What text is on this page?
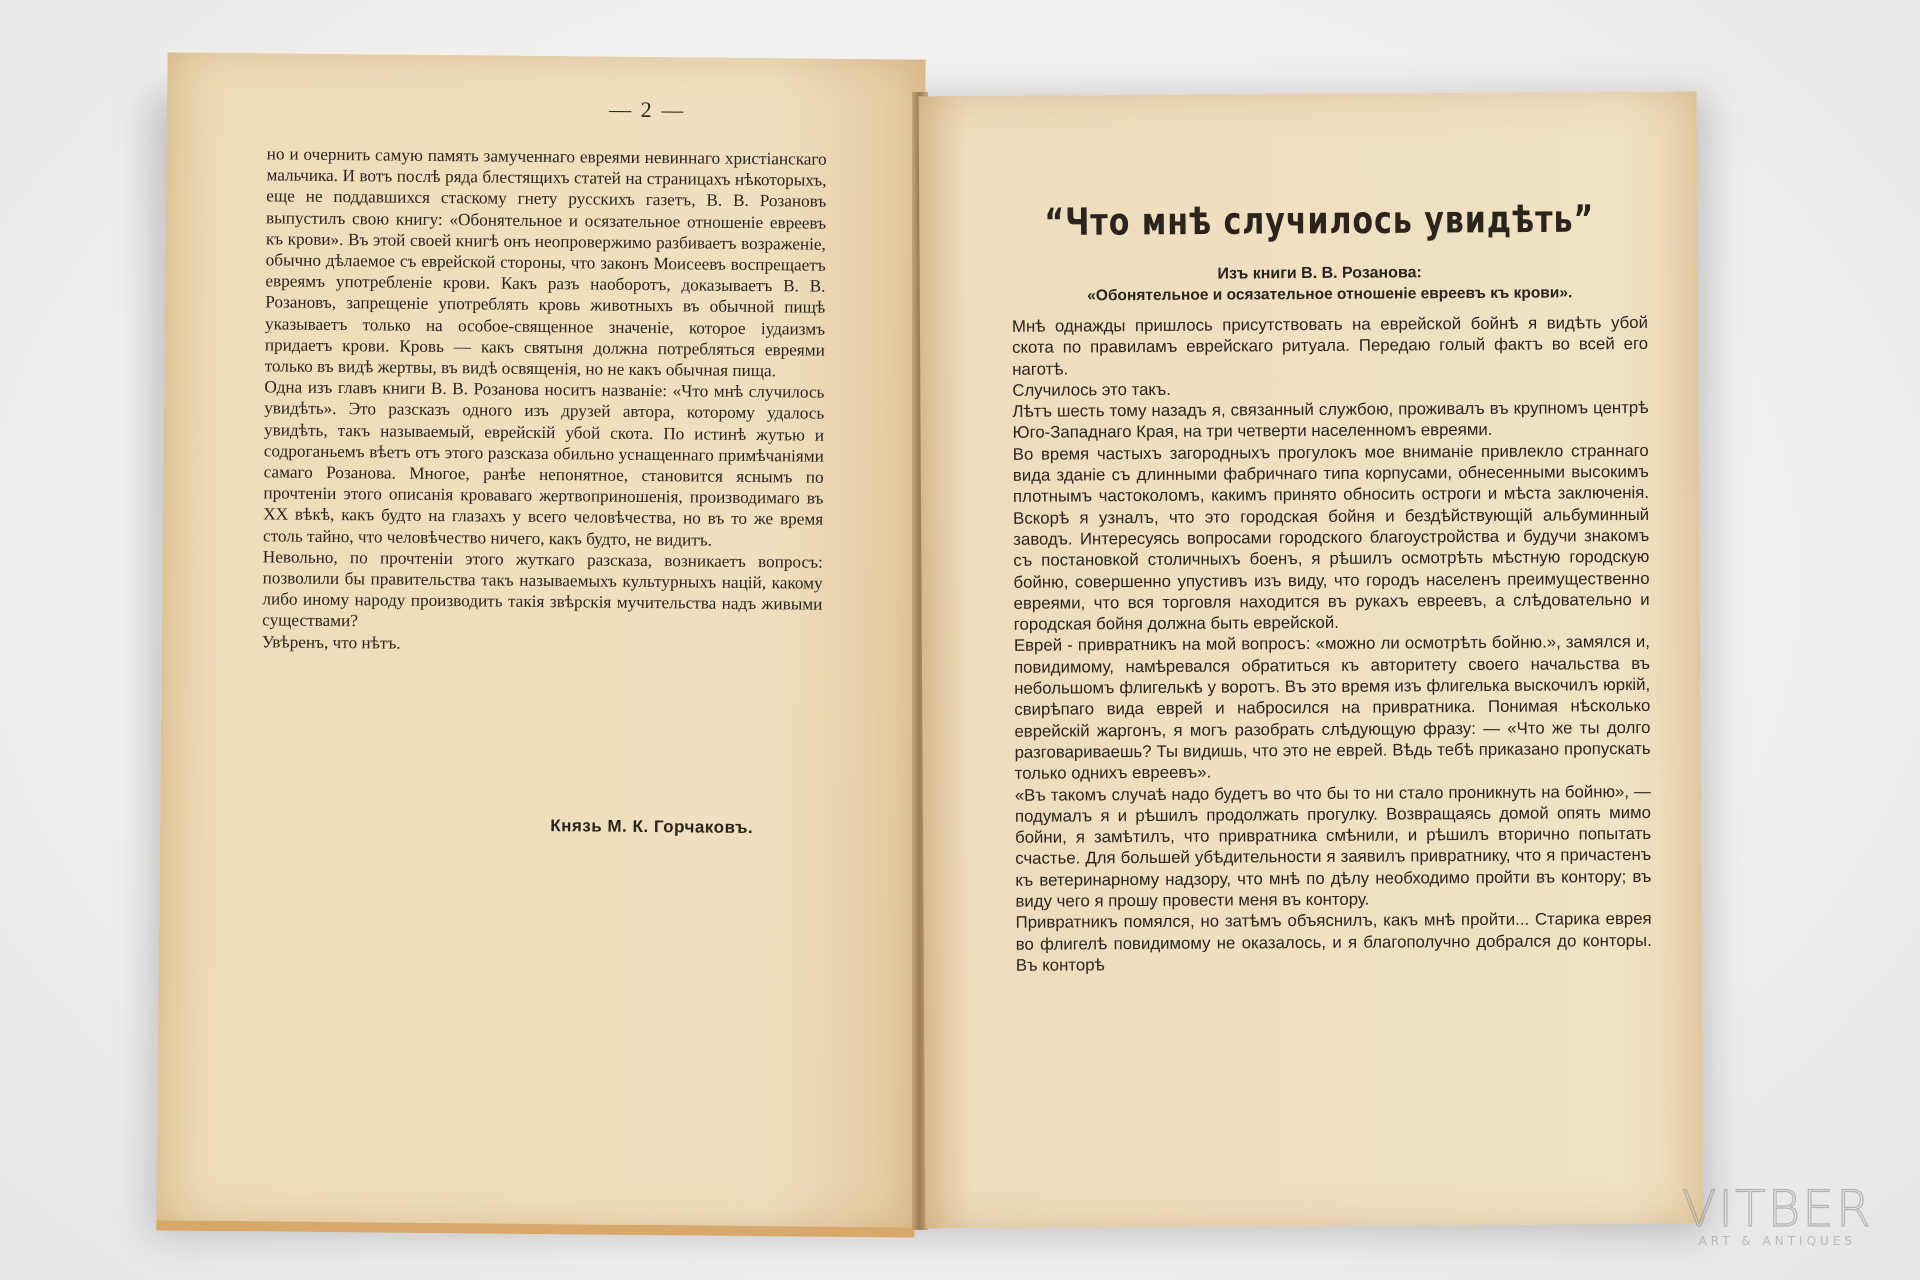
— 2 —
но и очернить самую память замученнаго евреями невиннаго христiанскаго мальчика. И вотъ послѣ ряда блестящихъ статей на страницахъ нѣкоторыхъ, еще не поддавшихся стаскому гнету русскихъ газетъ, В. В. Розановъ выпустилъ свою книгу: «Обонятельное и осязательное отношенiе евреевъ къ крови». Въ этой своей книгѣ онъ неопровержимо разбиваетъ возраженiе, обычно дѣлаемое съ еврейской стороны, что законъ Моисеевъ воспрещаетъ евреямъ употребленiе крови. Какъ разъ наоборотъ, доказываетъ В. В. Розановъ, запрещенiе употреблять кровь животныхъ въ обычной пищѣ указываетъ только на особое-священное значенiе, которое iудаизмъ придаетъ крови. Кровь — какъ святыня должна потребляться евреями только въ видѣ жертвы, въ видѣ освященiя, но не какъ обычная пища.
Одна изъ главъ книги В. В. Розанова носитъ названiе: «Что мнѣ случилось увидѣть». Это разсказъ одного изъ друзей автора, которому удалось увидѣть, такъ называемый, еврейскiй убой скота. По истинѣ жутью и содроганьемъ вѣетъ отъ этого разсказа обильно уснащеннаго примѣчанiями самаго Розанова. Многое, ранѣе непонятное, становится яснымъ по прочтенiи этого описанiя кроваваго жертвоприношенiя, производимаго въ XX вѣкѣ, какъ будто на глазахъ у всего человѣчества, но въ то же время столь тайно, что человѣчество ничего, какъ будто, не видитъ.
Невольно, по прочтенiи этого жуткаго разсказа, возникаетъ вопросъ: позволили бы правительства такъ называемыхъ культурныхъ нацiй, какому либо иному народу производить такiя звѣрскiя мучительства надъ живыми существами?
Увѣренъ, что нѣтъ.
Князь М. К. Горчаковъ.
“Что мнѣ случилось увидѣть”
Изъ книги В. В. Розанова:
«Обонятельное и осязательное отношенiе евреевъ къ крови».
Мнѣ однажды пришлось присутствовать на еврейской бойнѣ я видѣть убой скота по правиламъ еврейскаго ритуала. Передаю голый фактъ во всей его наготѣ.
Случилось это такъ.
Лѣтъ шесть тому назадъ я, связанный службою, проживалъ въ крупномъ центрѣ Юго-Западнаго Края, на три четверти населенномъ евреями.
Во время частыхъ загородныхъ прогулокъ мое вниманiе привлекло страннаго вида зданiе съ длинными фабричнаго типа корпусами, обнесенными высокимъ плотнымъ частоколомъ, какимъ принято обносить остроги и мѣста заключенiя. Вскорѣ я узналъ, что это городская бойня и бездѣйствующiй альбуминный заводъ. Интересуясь вопросами городского благоустройства и будучи знакомъ съ постановкой столичныхъ боенъ, я рѣшилъ осмотрѣть мѣстную городскую бойню, совершенно упустивъ изъ виду, что городъ населенъ преимущественно евреями, что вся торговля находится въ рукахъ евреевъ, а слѣдовательно и городская бойня должна быть еврейской.
Еврей - привратникъ на мой вопросъ: «можно ли осмотрѣть бойню.», замялся и, повидимому, намѣревался обратиться къ авторитету своего начальства въ небольшомъ флигелькѣ у воротъ. Въ это время изъ флигелька выскочилъ юркiй, свирѣпаго вида еврей и набросился на привратника. Понимая нѣсколько еврейскiй жаргонъ, я могъ разобрать слѣдующую фразу: — «Что же ты долго разговариваешь? Ты видишь, что это не еврей. Вѣдь тебѣ приказано пропускать только однихъ евреевъ».
«Въ такомъ случаѣ надо будетъ во что бы то ни стало проникнуть на бойню», — подумалъ я и рѣшилъ продолжать прогулку. Возвращаясь домой опять мимо бойни, я замѣтилъ, что привратника смѣнили, и рѣшилъ вторично попытать счастье. Для большей убѣдительности я заявилъ привратнику, что я причастенъ къ ветеринарному надзору, что мнѣ по дѣлу необходимо пройти въ контору; въ виду чего я прошу провести меня въ контору.
Привратникъ помялся, но затѣмъ объяснилъ, какъ мнѣ пройти... Старика еврея во флигелѣ повидимому не оказалось, и я благополучно добрался до конторы. Въ конторѣ
VITBER
ART & ANTIQUES
